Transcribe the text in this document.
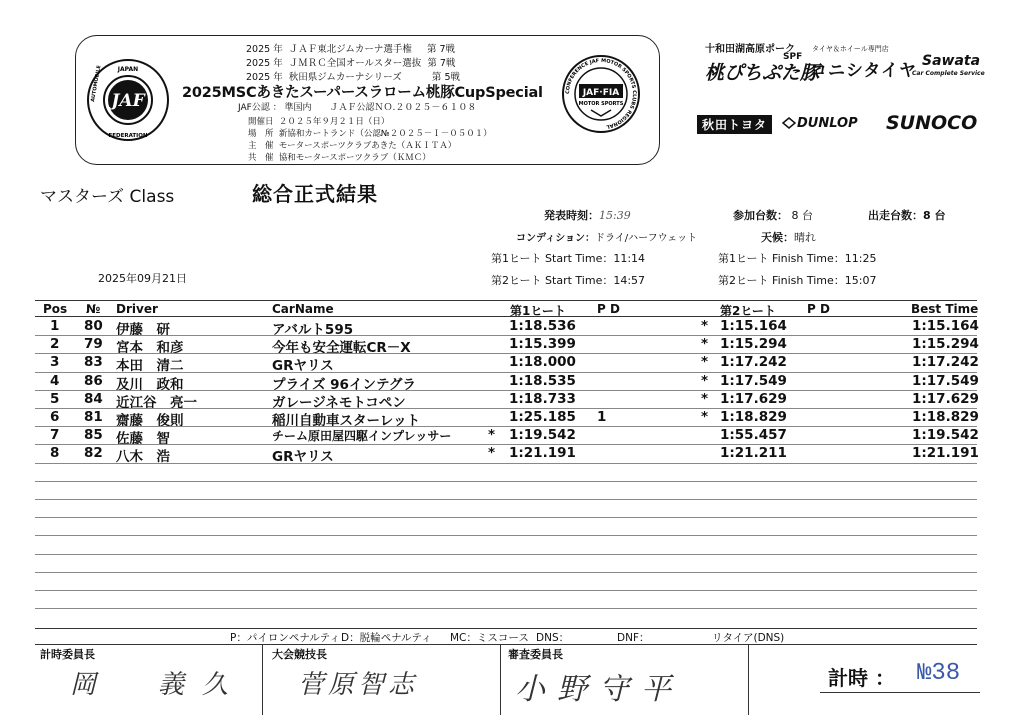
JAF
JAPAN
FEDERATION
AUTOMOBILE
2025 年 ＪＡＦ東北ジムカーナ選手権 第 7戦
2025 年 ＪＭＲＣ全国オールスター選抜 第 7戦
2025 年 秋田県ジムカーナシリーズ	第 5戦
2025MSCあきたスーパースラローム桃豚CupSpecial
JAF公認 ： 準国内　　ＪＡＦ公認ＮＯ.２０２５－６１０８
開催日 ２０２５年９月２１日（日）
場　所 新協和カートランド（公認№２０２５－Ｉ－０５０１）
主　催 モータースポーツクラブあきた（ＡＫＩＴＡ）
共　催 協和モータースポーツクラブ（ＫＭＣ）
JAF·FIA
MOTOR SPORTS
CONFERENCE JAF MOTOR SPORTS CLUBS REGIONAL
十和田湖高原ポーク
SPF
桃ぴちぷた豚
タイヤ＆ホイール専門店
コニシタイヤ Sawata
Car Complete Service
秋田トヨタ	DUNLOP SUNOCO
マスターズ Class	総合正式結果
発表時刻：15:39	参加台数： 8 台	出走台数：8 台
コンディション：ドライ/ハーフウェット	天候：晴れ
第1ヒート Start Time：11:14	第1ヒート Finish Time：11:25
2025年09月21日	第2ヒート Start Time：14:57	第2ヒート Finish Time：15:07
Pos № Driver	CarName	第1ヒート	P D	第2ヒート	P D	Best Time
1 80 伊藤　研	アバルト595	1:18.536	* 1:15.164	1:15.164
2 79 宮本　和彦	今年も安全運転CR－X	1:15.399	* 1:15.294	1:15.294
3 83 本田　清二	GRヤリス	1:18.000	* 1:17.242	1:17.242
4 86 及川　政和	プライズ 96インテグラ	1:18.535	* 1:17.549	1:17.549
5 84 近江谷　亮一	ガレージネモトコペン	1:18.733	* 1:17.629	1:17.629
6 81 齋藤　俊則	稲川自動車スターレット	1:25.185 1	* 1:18.829	1:18.829
7 85 佐藤　智	チーム原田屋四駆インプレッサー	* 1:19.542	1:55.457	1:19.542
8 82 八木　浩	GRヤリス	* 1:21.191	1:21.211	1:21.191
P：パイロンペナルティ D：脱輪ペナルティ MC：ミスコース DNS：	DNF：	リタイア(DNS)
計時委員長
岡　義久
大会競技長
菅原智志
審査委員長
小野守平	計時 ： №38
